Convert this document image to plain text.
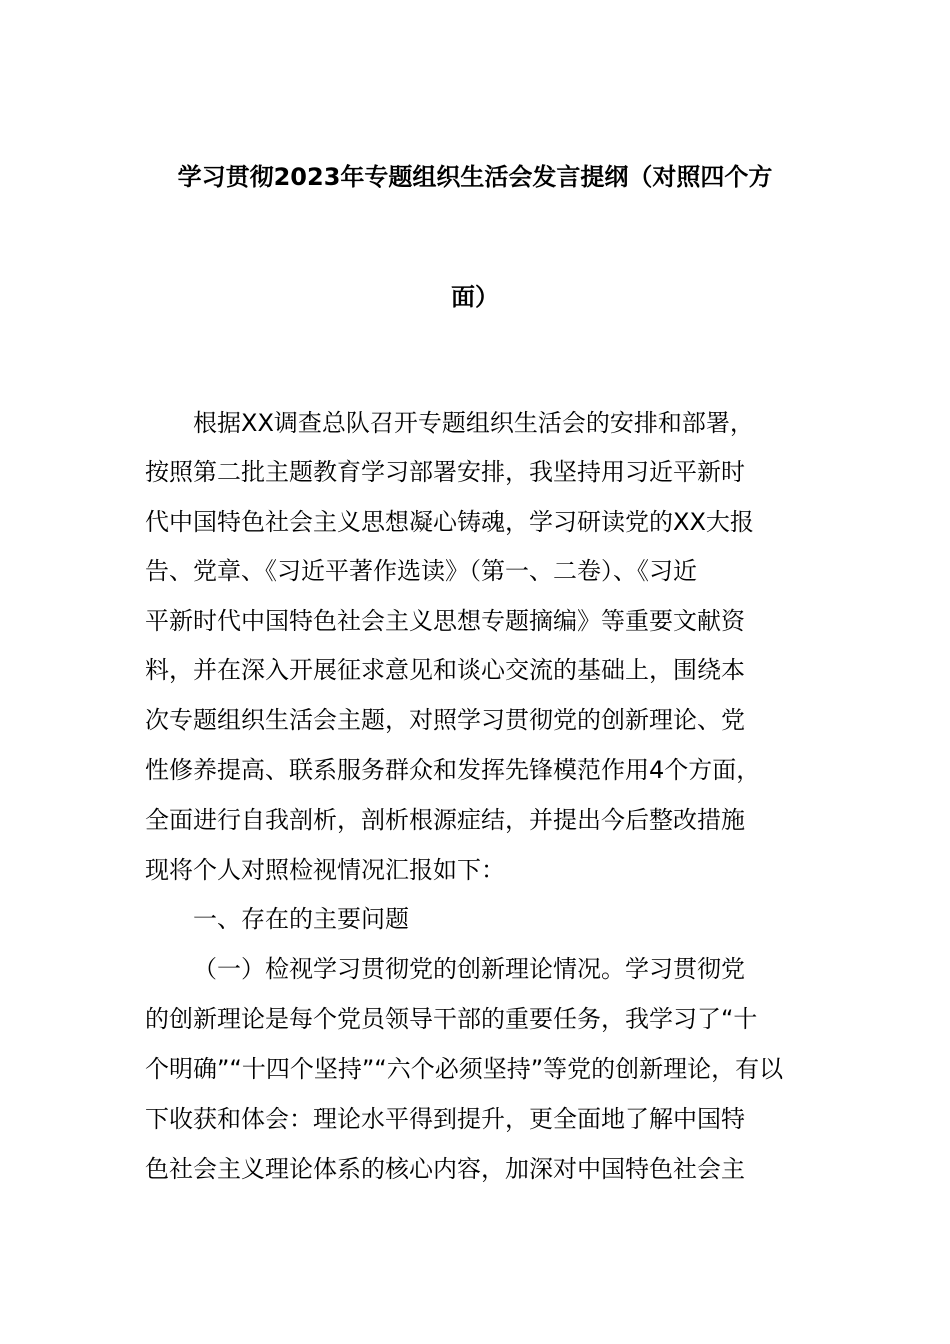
学习贯彻2023年专题组织生活会发言提纲（对照四个方
面）
根据XX调查总队召开专题组织生活会的安排和部署，
按照第二批主题教育学习部署安排，我坚持用习近平新时
代中国特色社会主义思想凝心铸魂，学习研读党的XX大报
告、党章、《习近平著作选读》（第一、二卷）、《习近
平新时代中国特色社会主义思想专题摘编》等重要文献资
料，并在深入开展征求意见和谈心交流的基础上，围绕本
次专题组织生活会主题，对照学习贯彻党的创新理论、党
性修养提高、联系服务群众和发挥先锋模范作用4个方面，
全面进行自我剖析，剖析根源症结，并提出今后整改措施
现将个人对照检视情况汇报如下：
一、存在的主要问题
（一）检视学习贯彻党的创新理论情况。学习贯彻党
的创新理论是每个党员领导干部的重要任务，我学习了“十
个明确”“十四个坚持”“六个必须坚持”等党的创新理论，有以
下收获和体会：理论水平得到提升，更全面地了解中国特
色社会主义理论体系的核心内容，加深对中国特色社会主
